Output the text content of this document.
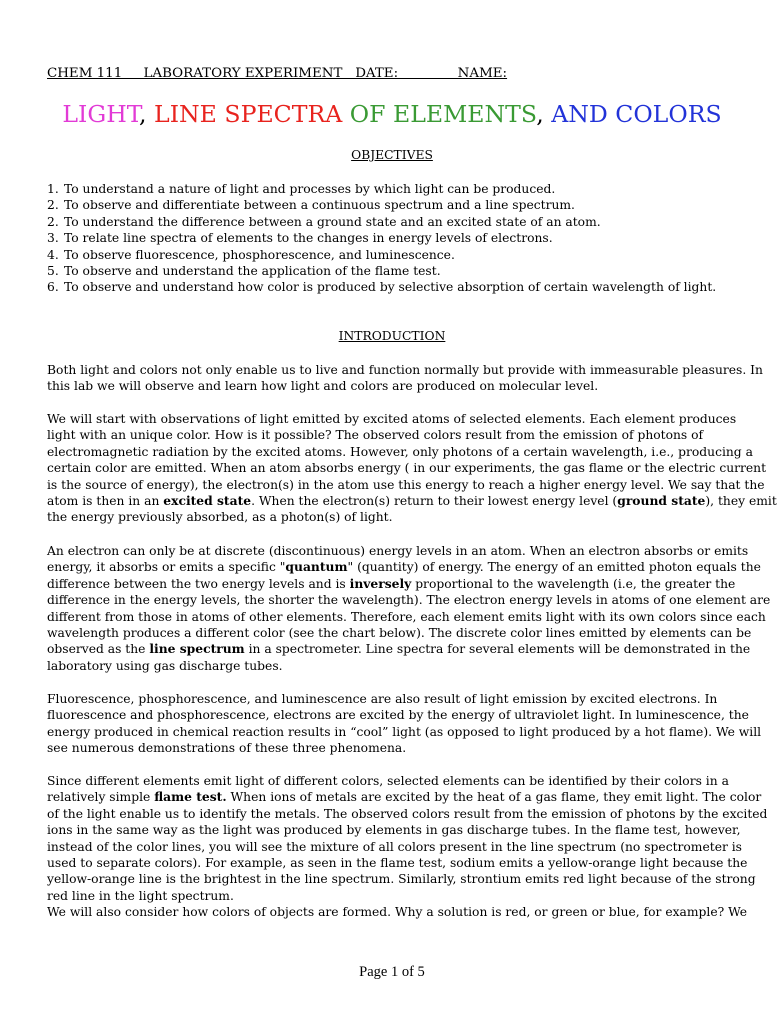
CHEM 111     LABORATORY EXPERIMENT   DATE:              NAME:
LIGHT, LINE SPECTRA OF ELEMENTS, AND COLORS
OBJECTIVES
1. To understand a nature of light and processes by which light can be produced.
2. To observe and differentiate between a continuous spectrum and a line spectrum.
2. To understand the difference between a ground state and an excited state of an atom.
3. To relate line spectra of elements to the changes in energy levels of electrons.
4. To observe fluorescence, phosphorescence, and luminescence.
5. To observe and understand the application of the flame test.
6. To observe and understand how color is produced by selective absorption of certain wavelength of light.
INTRODUCTION

Both light and colors not only enable us to live and function normally but provide with immeasurable pleasures. In
this lab we will observe and learn how light and colors are produced on molecular level.

We will start with observations of light emitted by excited atoms of selected elements. Each element produces
light with an unique color. How is it possible? The observed colors result from the emission of photons of
electromagnetic radiation by the excited atoms. However, only photons of a certain wavelength, i.e., producing a
certain color are emitted. When an atom absorbs energy ( in our experiments, the gas flame or the electric current
is the source of energy), the electron(s) in the atom use this energy to reach a higher energy level. We say that the
atom is then in an excited state. When the electron(s) return to their lowest energy level (ground state), they emit
the energy previously absorbed, as a photon(s) of light.

An electron can only be at discrete (discontinuous) energy levels in an atom. When an electron absorbs or emits
energy, it absorbs or emits a specific "quantum" (quantity) of energy. The energy of an emitted photon equals the
difference between the two energy levels and is inversely proportional to the wavelength (i.e, the greater the
difference in the energy levels, the shorter the wavelength). The electron energy levels in atoms of one element are
different from those in atoms of other elements. Therefore, each element emits light with its own colors since each
wavelength produces a different color (see the chart below). The discrete color lines emitted by elements can be
observed as the line spectrum in a spectrometer. Line spectra for several elements will be demonstrated in the
laboratory using gas discharge tubes.

Fluorescence, phosphorescence, and luminescence are also result of light emission by excited electrons. In
fluorescence and phosphorescence, electrons are excited by the energy of ultraviolet light. In luminescence, the
energy produced in chemical reaction results in “cool” light (as opposed to light produced by a hot flame). We will
see numerous demonstrations of these three phenomena.

Since different elements emit light of different colors, selected elements can be identified by their colors in a
relatively simple flame test. When ions of metals are excited by the heat of a gas flame, they emit light. The color
of the light enable us to identify the metals. The observed colors result from the emission of photons by the excited
ions in the same way as the light was produced by elements in gas discharge tubes. In the flame test, however,
instead of the color lines, you will see the mixture of all colors present in the line spectrum (no spectrometer is
used to separate colors). For example, as seen in the flame test, sodium emits a yellow-orange light because the
yellow-orange line is the brightest in the line spectrum. Similarly, strontium emits red light because of the strong
red line in the light spectrum.
We will also consider how colors of objects are formed. Why a solution is red, or green or blue, for example? We

Page 1 of 5
